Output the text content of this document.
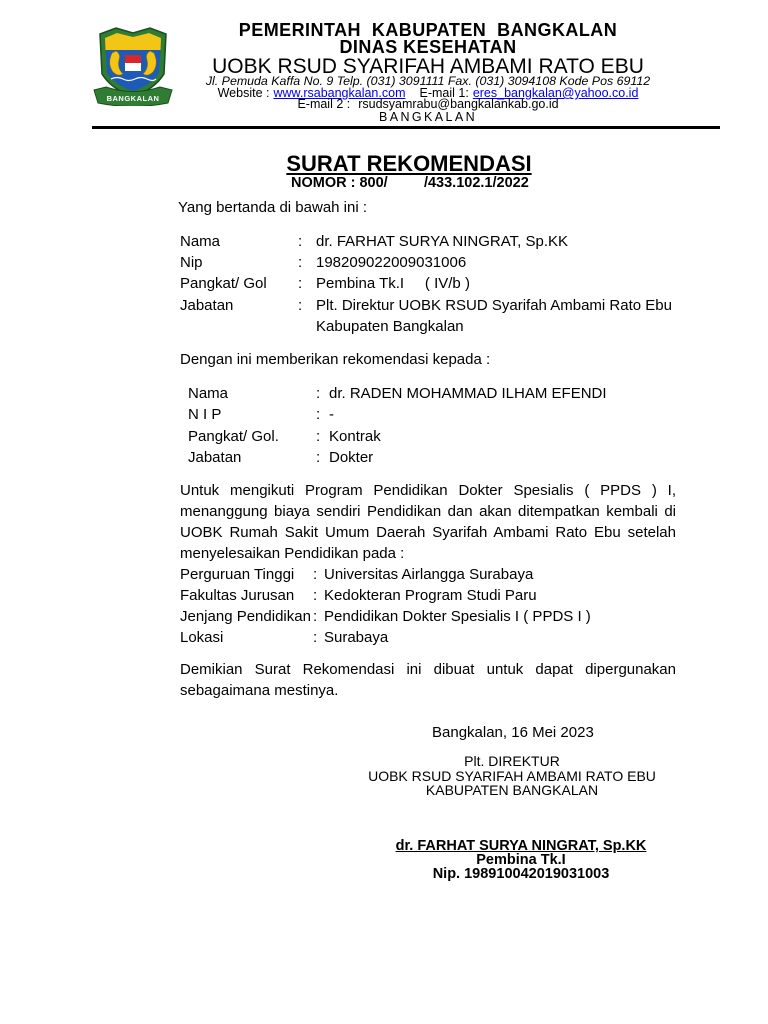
BANGKALAN
PEMERINTAH  KABUPATEN  BANGKALAN
DINAS KESEHATAN
UOBK RSUD SYARIFAH AMBAMI RATO EBU
Jl. Pemuda Kaffa No. 9 Telp. (031) 3091111 Fax. (031) 3094108 Kode Pos 69112
Website : www.rsabangkalan.com E-mail 1: eres_bangkalan@yahoo.co.id
E-mail 2 : rsudsyamrabu@bangkalankab.go.id
BANGKALAN
SURAT REKOMENDASI
NOMOR : 800/         /433.102.1/2022
Yang bertanda di bawah ini :
Nama	: dr. FARHAT SURYA NINGRAT, Sp.KK
Nip	: 198209022009031006
Pangkat/ Gol : Pembina Tk.I     ( IV/b )
Jabatan	: Plt. Direktur UOBK RSUD Syarifah Ambami Rato Ebu
Kabupaten Bangkalan
Dengan ini memberikan rekomendasi kepada :
Nama	: dr. RADEN MOHAMMAD ILHAM EFENDI
N I P	: -
Pangkat/ Gol. : Kontrak
Jabatan	: Dokter
Untuk mengikuti Program Pendidikan Dokter Spesialis ( PPDS ) I,
menanggung biaya sendiri Pendidikan dan akan ditempatkan kembali di
UOBK Rumah Sakit Umum Daerah Syarifah Ambami Rato Ebu setelah
menyelesaikan Pendidikan pada :
Perguruan Tinggi : Universitas Airlangga Surabaya
Fakultas Jurusan : Kedokteran Program Studi Paru
Jenjang Pendidikan : Pendidikan Dokter Spesialis I ( PPDS I )
Lokasi	: Surabaya
Demikian Surat Rekomendasi ini dibuat untuk dapat dipergunakan
sebagaimana mestinya.
Bangkalan, 16 Mei 2023
Plt. DIREKTUR
UOBK RSUD SYARIFAH AMBAMI RATO EBU
KABUPATEN BANGKALAN
dr. FARHAT SURYA NINGRAT, Sp.KK
Pembina Tk.I
Nip. 198910042019031003
